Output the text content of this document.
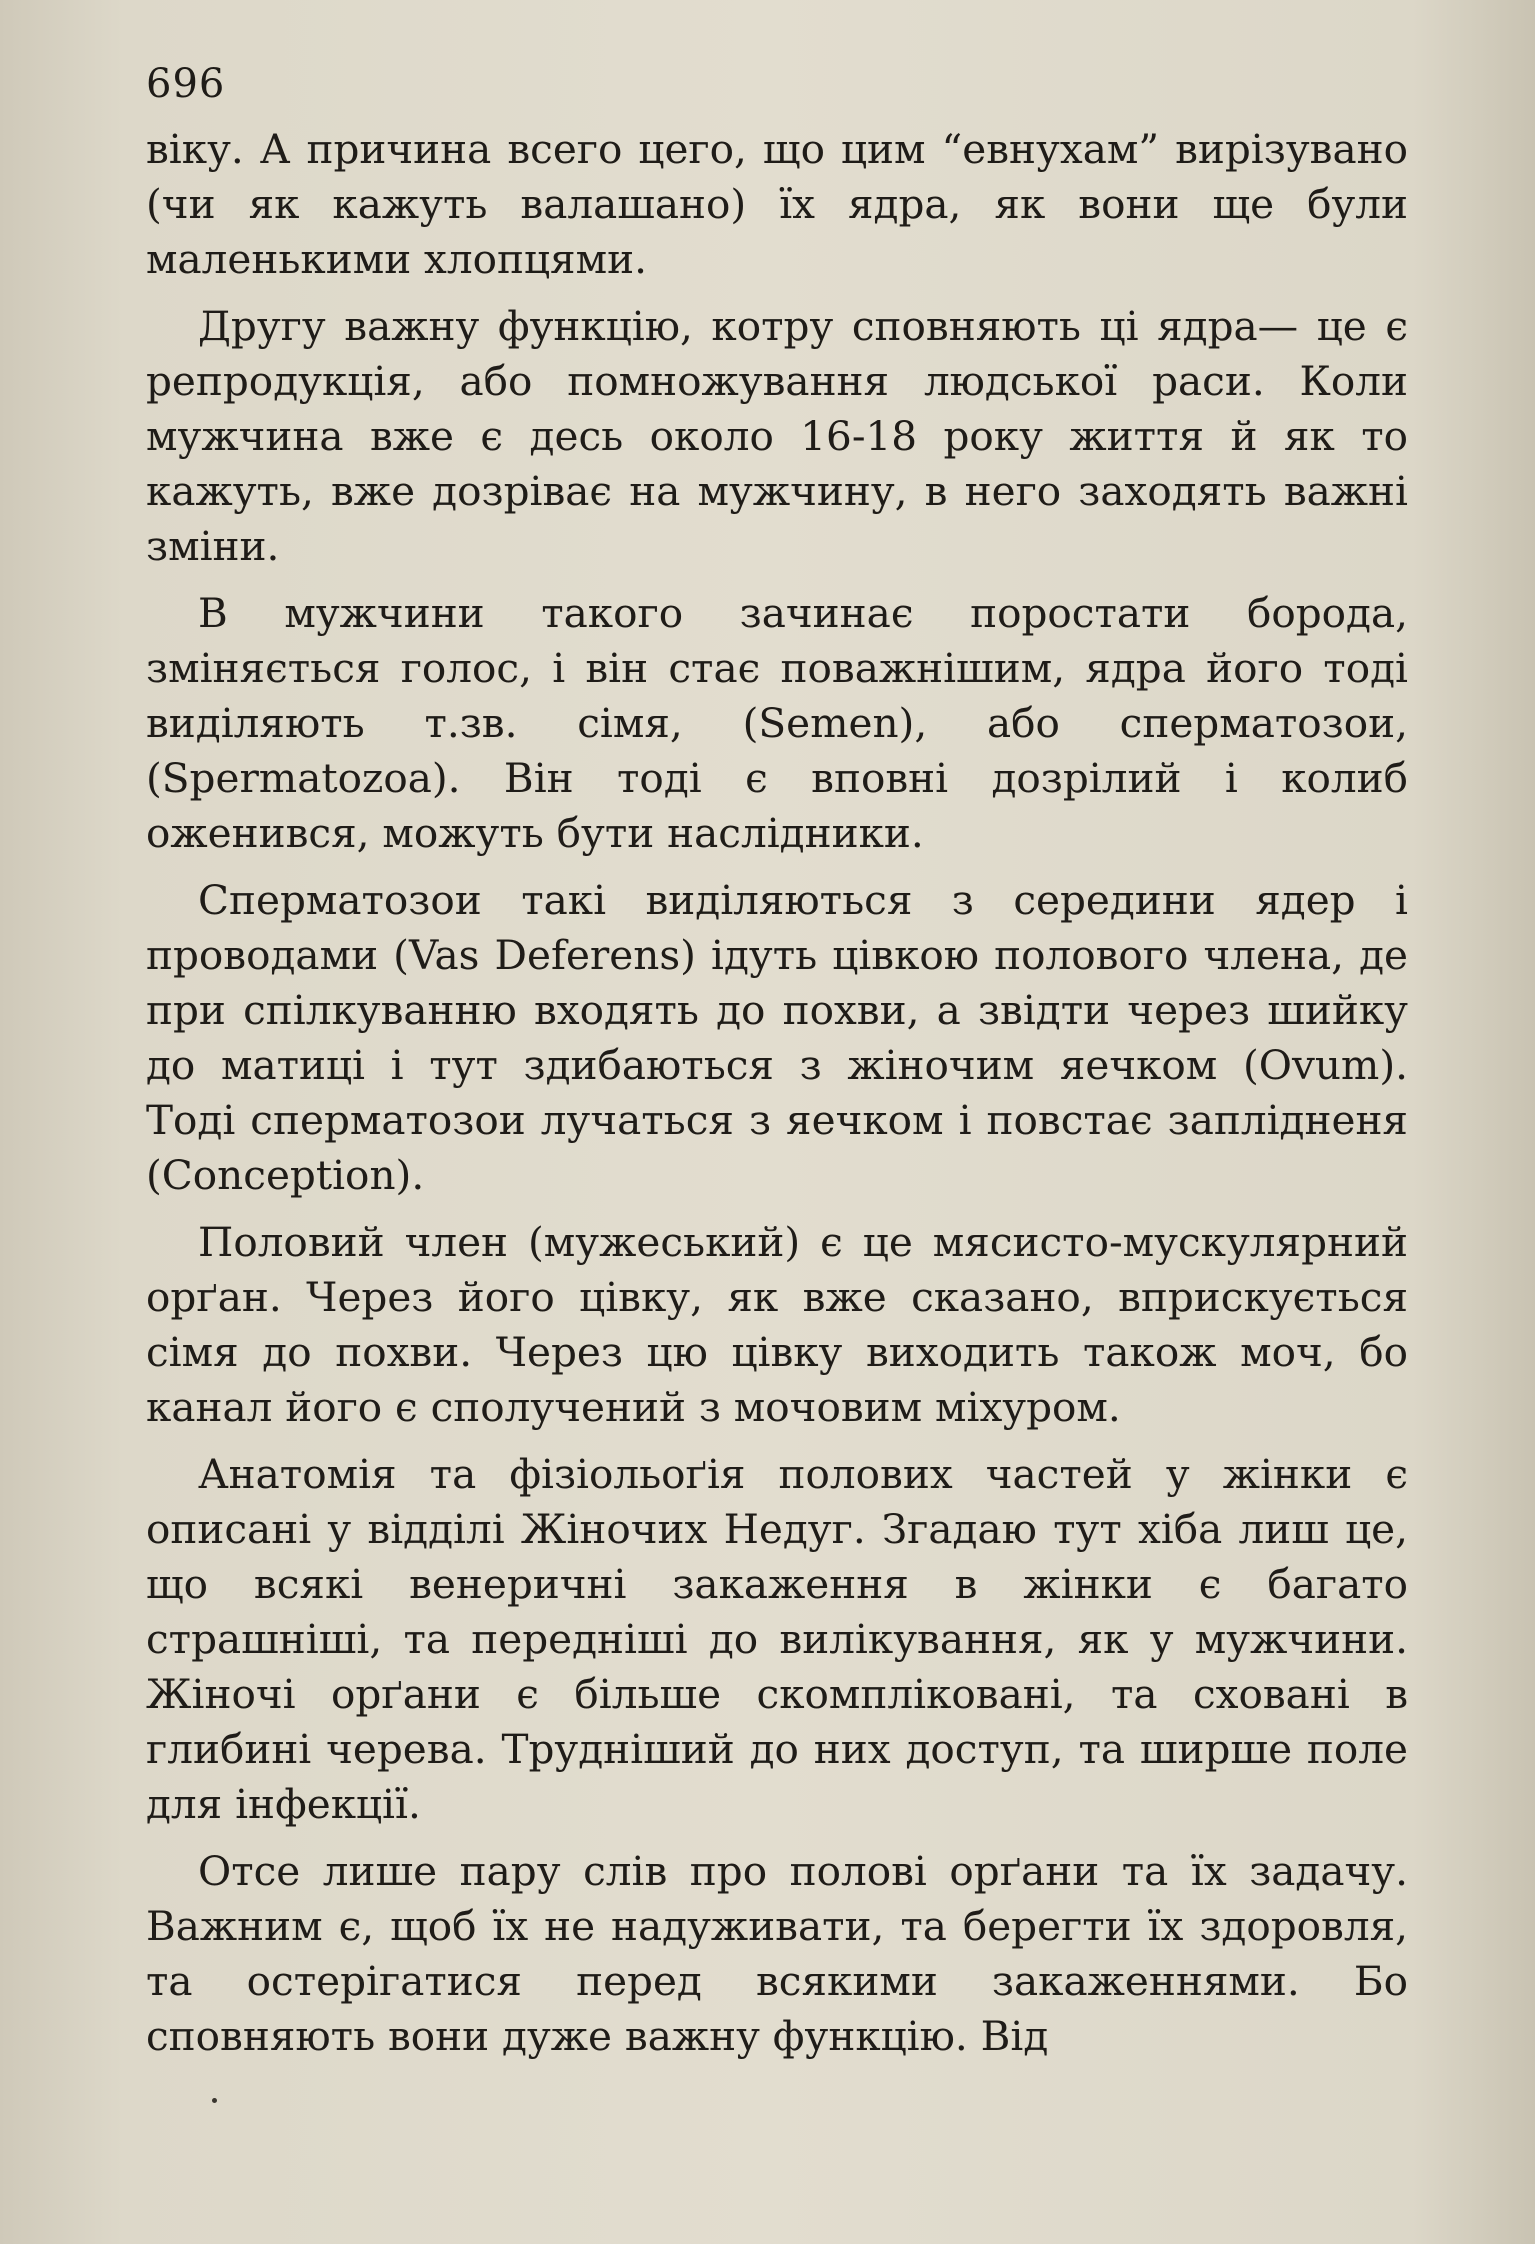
696

віку. А причина всего цего, що цим “евнухам” вирізувано (чи як кажуть валашано) їх ядра, як вони ще були маленькими хлопцями.

Другу важну функцію, котру сповняють ці ядра— це є репродукція, або помножування людської раси. Коли мужчина вже є десь около 16-18 року життя й як то кажуть, вже дозріває на мужчину, в него заходять важні зміни.

В мужчини такого зачинає поростати борода, зміняється голос, і він стає поважнішим, ядра його тоді виділяють т.зв. сімя, (Semen), або сперматозои, (Spermatozoa). Він тоді є вповні дозрілий і колиб оженився, можуть бути наслідники.

Сперматозои такі виділяються з середини ядер і проводами (Vas Deferens) ідуть цівкою полового члена, де при спілкуванню входять до похви, а звідти через шийку до матиці і тут здибаються з жіночим яечком (Ovum). Тоді сперматозои лучаться з яечком і повстає заплідненя (Conception).

Половий член (мужеський) є це мясисто-мускулярний орґан. Через його цівку, як вже сказано, вприскується сімя до похви. Через цю цівку виходить також моч, бо канал його є сполучений з мочовим міхуром.

Анатомія та фізіольоґія полових частей у жінки є описані у відділі Жіночих Недуг. Згадаю тут хіба лиш це, що всякі венеричні закаження в жінки є багато страшніші, та передніші до вилікування, як у мужчини. Жіночі орґани є більше скомпліковані, та сховані в глибині черева. Трудніший до них доступ, та ширше поле для інфекції.

Отсе лише пару слів про полові орґани та їх задачу. Важним є, щоб їх не надуживати, та берегти їх здоровля, та остерігатися перед всякими закаженнями. Бо сповняють вони дуже важну функцію. Від
